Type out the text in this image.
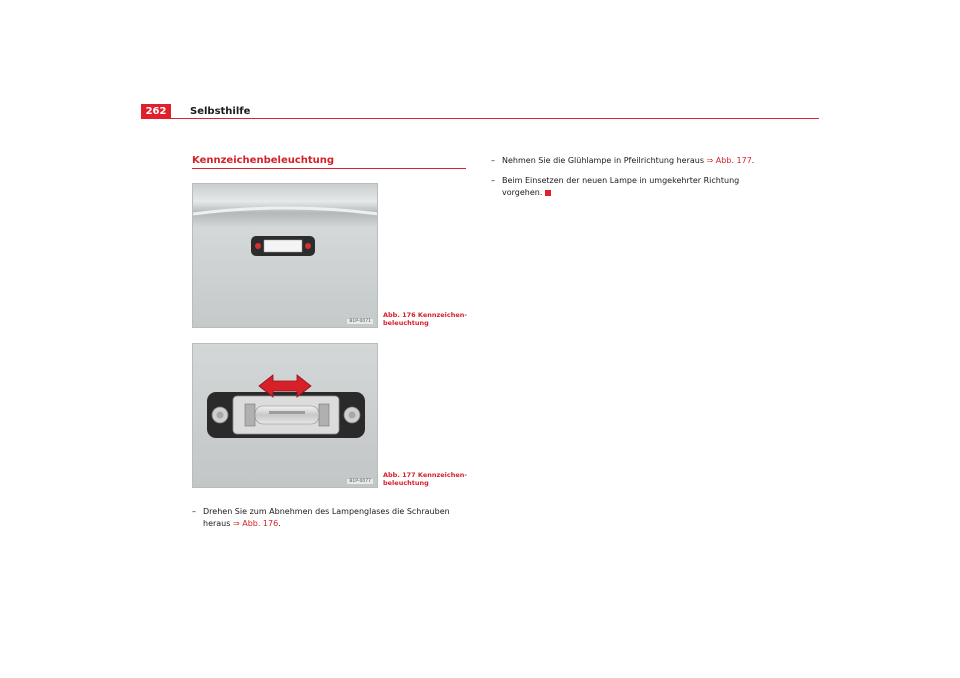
262	Selbsthilfe
Kennzeichenbeleuchtung
B1P-0071
Abb. 176 Kennzeichen-
beleuchtung
B1P-0077
Abb. 177 Kennzeichen-
beleuchtung
– Drehen Sie zum Abnehmen des Lampenglases die Schrauben
heraus ⇒ Abb. 176.
– Nehmen Sie die Glühlampe in Pfeilrichtung heraus ⇒ Abb. 177.
– Beim Einsetzen der neuen Lampe in umgekehrter Richtung
vorgehen.
